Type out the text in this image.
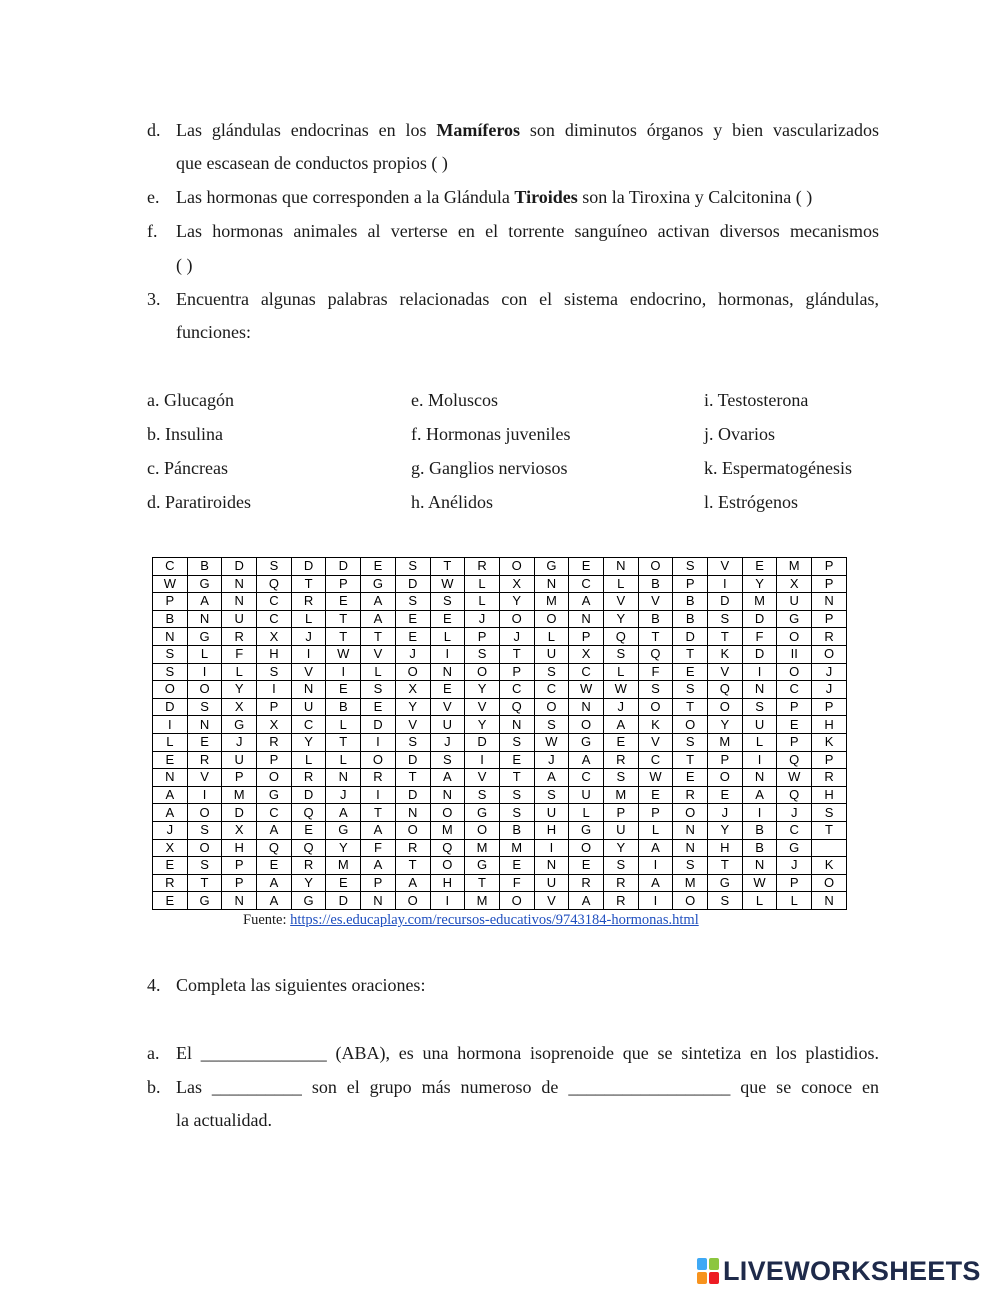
d. Las glándulas endocrinas en los Mamíferos son diminutos órganos y bien vascularizados
que escasean de conductos propios ( )
e. Las hormonas que corresponden a la Glándula Tiroides son la Tiroxina y Calcitonina ( )
f. Las hormonas animales al verterse en el torrente sanguíneo activan diversos mecanismos
( )
3. Encuentra algunas palabras relacionadas con el sistema endocrino, hormonas, glándulas,
funciones:
a. Glucagón
b. Insulina
c. Páncreas
d. Paratiroides
e. Moluscos
f. Hormonas juveniles
g. Ganglios nerviosos
h. Anélidos
i. Testosterona
j. Ovarios
k. Espermatogénesis
l. Estrógenos
C	B	D	S	D	D	E	S	T	R	O	G	E	N	O	S	V	E	M	P
W	G	N	Q	T	P	G	D	W	L	X	N	C	L	B	P	I	Y	X	P
P	A	N	C	R	E	A	S	S	L	Y	M	A	V	V	B	D	M	U	N
B	N	U	C	L	T	A	E	E	J	O	O	N	Y	B	B	S	D	G	P
N	G	R	X	J	T	T	E	L	P	J	L	P	Q	T	D	T	F	O	R
S	L	F	H	I	W	V	J	I	S	T	U	X	S	Q	T	K	D	II	O
S	I	L	S	V	I	L	O	N	O	P	S	C	L	F	E	V	I	O	J
O	O	Y	I	N	E	S	X	E	Y	C	C	W	W	S	S	Q	N	C	J
D	S	X	P	U	B	E	Y	V	V	Q	O	N	J	O	T	O	S	P	P
I	N	G	X	C	L	D	V	U	Y	N	S	O	A	K	O	Y	U	E	H
L	E	J	R	Y	T	I	S	J	D	S	W	G	E	V	S	M	L	P	K
E	R	U	P	L	L	O	D	S	I	E	J	A	R	C	T	P	I	Q	P
N	V	P	O	R	N	R	T	A	V	T	A	C	S	W	E	O	N	W	R
A	I	M	G	D	J	I	D	N	S	S	S	U	M	E	R	E	A	Q	H
A	O	D	C	Q	A	T	N	O	G	S	U	L	P	P	O	J	I	J	S
J	S	X	A	E	G	A	O	M	O	B	H	G	U	L	N	Y	B	C	T
X	O	H	Q	Q	Y	F	R	Q	M	M	I	O	Y	A	N	H	B	G	
E	S	P	E	R	M	A	T	O	G	E	N	E	S	I	S	T	N	J	K
R	T	P	A	Y	E	P	A	H	T	F	U	R	R	A	M	G	W	P	O
E	G	N	A	G	D	N	O	I	M	O	V	A	R	I	O	S	L	L	N
Fuente: https://es.educaplay.com/recursos-educativos/9743184-hormonas.html
4. Completa las siguientes oraciones:
a. El ______________ (ABA), es una hormona isoprenoide que se sintetiza en los plastidios.
b. Las __________ son el grupo más numeroso de __________________ que se conoce en
la actualidad.
LIVEWORKSHEETS
